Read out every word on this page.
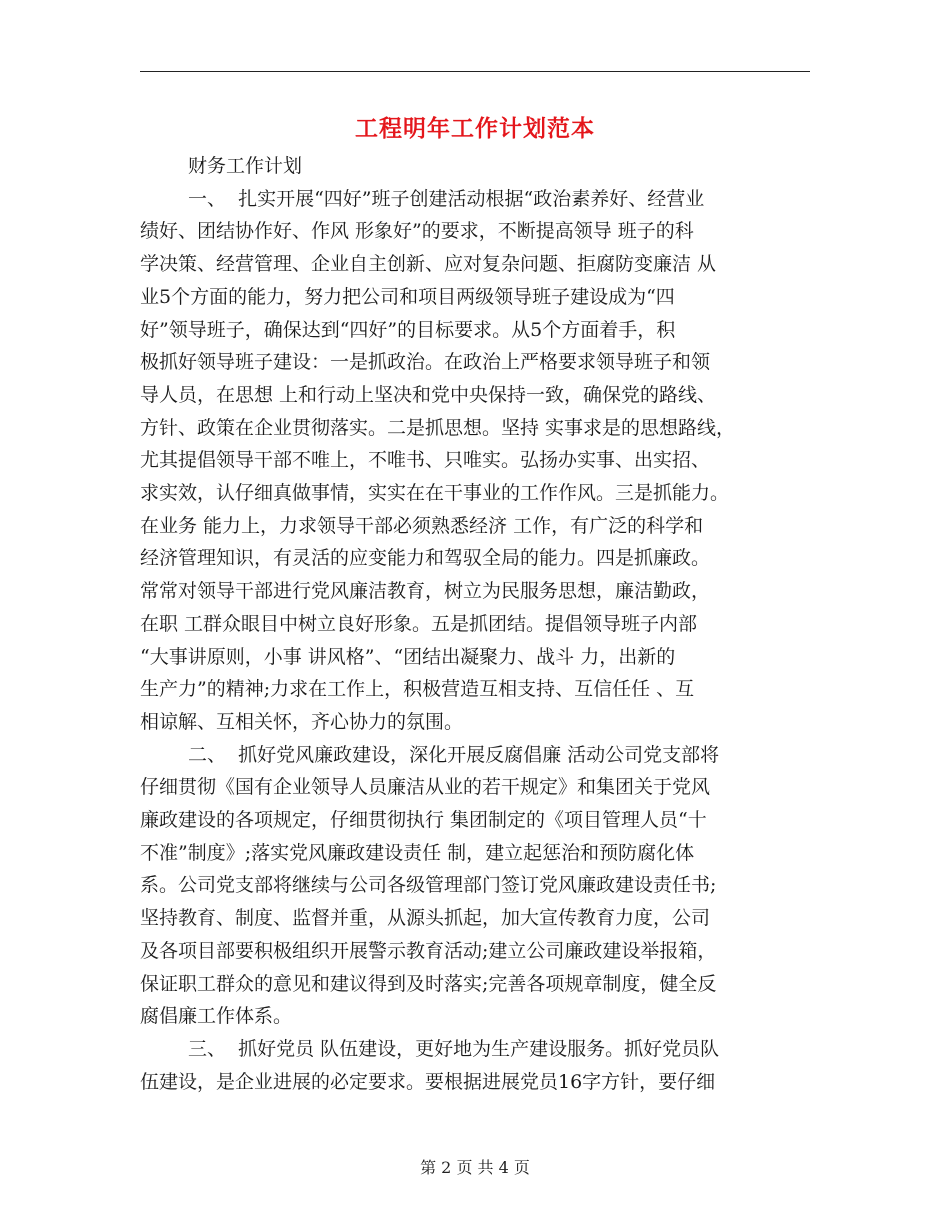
工程明年工作计划范本
财务工作计划
一、  扎实开展“四好”班子创建活动根据“政治素养好、经营业
绩好、团结协作好、作风 形象好”的要求，不断提高领导 班子的科
学决策、经营管理、企业自主创新、应对复杂问题、拒腐防变廉洁 从
业5个方面的能力，努力把公司和项目两级领导班子建设成为“四
好”领导班子，确保达到“四好”的目标要求。从5个方面着手，积
极抓好领导班子建设：一是抓政治。在政治上严格要求领导班子和领
导人员，在思想 上和行动上坚决和党中央保持一致，确保党的路线、
方针、政策在企业贯彻落实。二是抓思想。坚持 实事求是的思想路线，
尤其提倡领导干部不唯上，不唯书、只唯实。弘扬办实事、出实招、
求实效，认仔细真做事情，实实在在干事业的工作作风。三是抓能力。
在业务 能力上，力求领导干部必须熟悉经济 工作，有广泛的科学和
经济管理知识，有灵活的应变能力和驾驭全局的能力。四是抓廉政。
常常对领导干部进行党风廉洁教育，树立为民服务思想，廉洁勤政，
在职 工群众眼目中树立良好形象。五是抓团结。提倡领导班子内部
“大事讲原则，小事 讲风格”、“团结出凝聚力、战斗 力，出新的
生产力”的精神;力求在工作上，积极营造互相支持、互信任任 、互
相谅解、互相关怀，齐心协力的氛围。
二、  抓好党风廉政建设，深化开展反腐倡廉 活动公司党支部将
仔细贯彻《国有企业领导人员廉洁从业的若干规定》和集团关于党风
廉政建设的各项规定，仔细贯彻执行 集团制定的《项目管理人员“十
不准”制度》;落实党风廉政建设责任 制，建立起惩治和预防腐化体
系。公司党支部将继续与公司各级管理部门签订党风廉政建设责任书;
坚持教育、制度、监督并重，从源头抓起，加大宣传教育力度，公司
及各项目部要积极组织开展警示教育活动;建立公司廉政建设举报箱，
保证职工群众的意见和建议得到及时落实;完善各项规章制度，健全反
腐倡廉工作体系。
三、  抓好党员 队伍建设，更好地为生产建设服务。抓好党员队
伍建设，是企业进展的必定要求。要根据进展党员16字方针，要仔细
第 2 页 共 4 页
